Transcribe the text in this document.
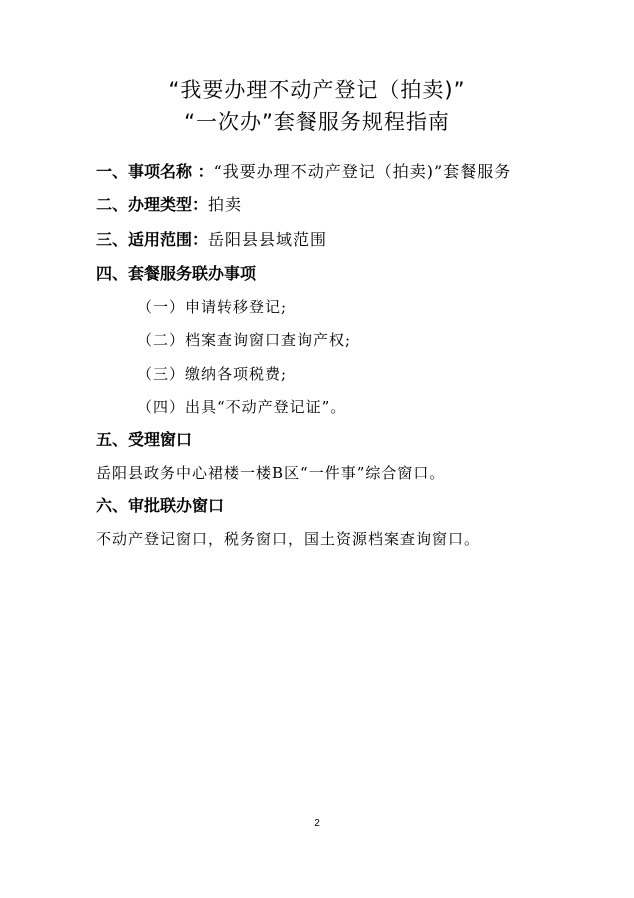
“我要办理不动产登记（拍卖)”
“一次办”套餐服务规程指南
一、事项名称 ：“我要办理不动产登记（拍卖)”套餐服务
二、办理类型：拍卖
三、适用范围：岳阳县县域范围
四、套餐服务联办事项
（一）申请转移登记;
（二）档案查询窗口查询产权;
（三）缴纳各项税费;
（四）出具“不动产登记证”。
五、受理窗口
岳阳县政务中心裙楼一楼B区“一件事”综合窗口。
六、审批联办窗口
不动产登记窗口，税务窗口，国土资源档案查询窗口。
2
